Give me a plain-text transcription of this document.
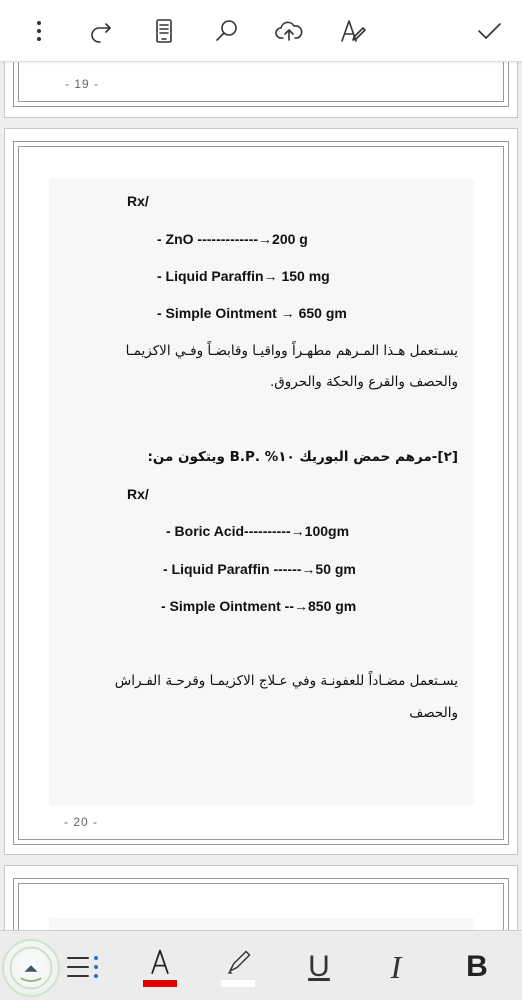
- 19 -
Rx/
- ZnO -------------→200 g
- Liquid Paraffin→ 150 mg
- Simple Ointment → 650 gm
يسـتعمل هـذا المـرهم مطهـراً وواقيـا وقابضـاً وفـي الاكزيمـا
والحصف والقرع والحكة والحروق.
[٢]-مرهم حمض البوريك ١٠% .B.P ويتكون من:
Rx/
- Boric Acid----------→100gm
- Liquid Paraffin ------→50 gm
- Simple Ointment --→850 gm
يسـتعمل مضـاداً للعفونـة وفي عـلاج الاكزيمـا وقرحـة الفـراش
والحصف
- 20 -
U I B
